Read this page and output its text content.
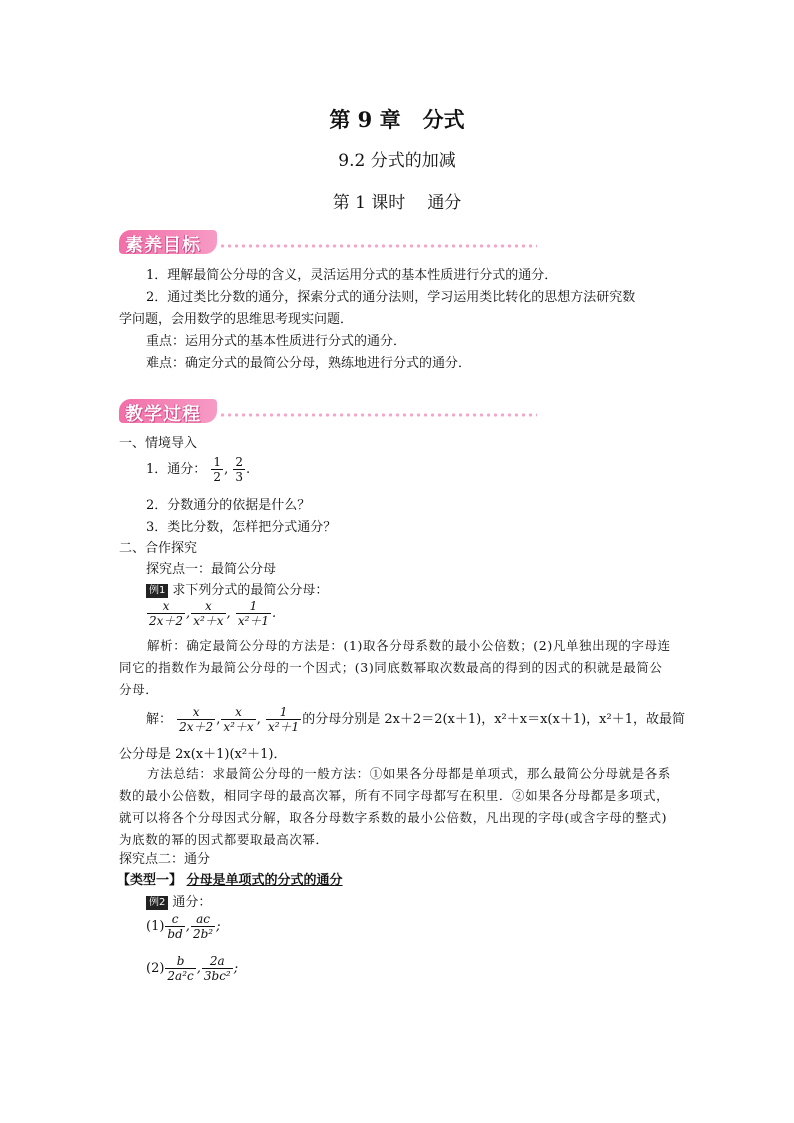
第 9 章 分式
9.2 分式的加减
第 1 课时 通分
素养目标
1．理解最简公分母的含义，灵活运用分式的基本性质进行分式的通分．
2．通过类比分数的通分，探索分式的通分法则，学习运用类比转化的思想方法研究数
学问题，会用数学的思维思考现实问题．
重点：运用分式的基本性质进行分式的通分．
难点：确定分式的最简公分母，熟练地进行分式的通分．
教学过程
一、情境导入
1．通分： $\frac{1}{2}$ , $\frac{2}{3}$ .
2．分数通分的依据是什么？
3．类比分数，怎样把分式通分？
二、合作探究
探究点一：最简公分母
例1 求下列分式的最简公分母：
$\frac{x}{2x+2}$ , $\frac{x}{\text{x²＋x}}$ , $\frac{1}{\text{x²＋1}}$ .
解析：确定最简公分母的方法是：(1)取各分母系数的最小公倍数；(2)凡单独出现的字母连同它的指数作为最简公分母的一个因式；(3)同底数幂取次数最高的得到的因式的积就是最简公分母．
解： $\frac{x}{2x+2}$ , $\frac{x}{\text{x²＋x}}$ , $\frac{1}{\text{x²＋1}}$ 的分母分别是 2x＋2＝2(x＋1)，x²＋x＝x(x＋1)，x²＋1，故最简
公分母是 2x(x＋1)(x²＋1)．
方法总结：求最简公分母的一般方法：①如果各分母都是单项式，那么最简公分母就是各系数的最小公倍数，相同字母的最高次幂，所有不同字母都写在积里．②如果各分母都是多项式，就可以将各个分母因式分解，取各分母数字系数的最小公倍数，凡出现的字母(或含字母的整式)为底数的幂的因式都要取最高次幂．
探究点二：通分
【类型一】 分母是单项式的分式的通分
例2 通分：
$(1) \frac{c}{bd}$ , $\frac{ac}{\text{2b²}}$ ;
$(2) \frac{b}{\text{2a²c}}$ , $\frac{2a}{\text{3bc²}}$ ;
